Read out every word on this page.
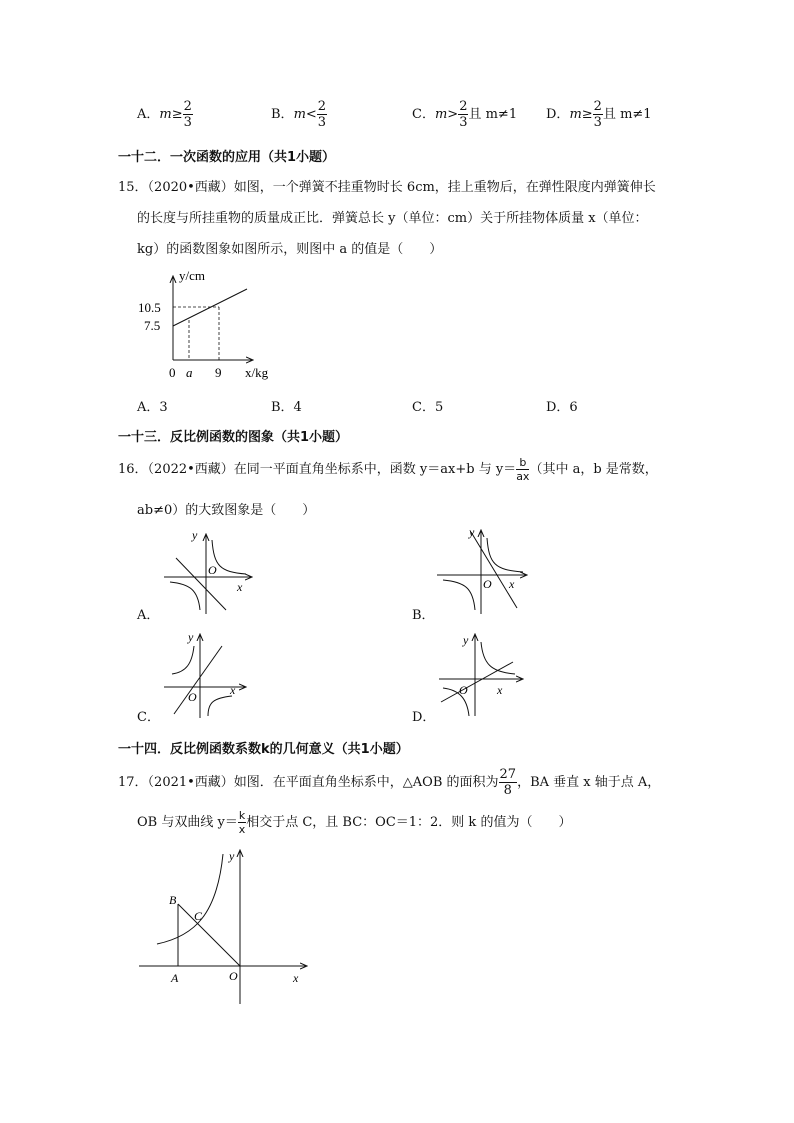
A．$m\ge \frac{2}{3}$	B．$m< \frac{2}{3}$	C．$m> \frac{2}{3}$ 且 m≠1 D．$m\ge \frac{2}{3}$ 且 m≠1
一十二．一次函数的应用（共1小题）
15．（2020•西藏）如图，一个弹簧不挂重物时长 6cm，挂上重物后，在弹性限度内弹簧伸长
的长度与所挂重物的质量成正比．弹簧总长 y（单位：cm）关于所挂物体质量 x（单位：
kg）的函数图象如图所示，则图中 a 的值是（　　）
y/cm
10.5
7.5
0 a 9 x/kg
A．3	B．4	C．5	D．6
一十三．反比例函数的图象（共1小题）
16．（2022•西藏）在同一平面直角坐标系中，函数 y＝ax+b 与 $y= \frac{b}{ax}$ （其中 a，b 是常数，
ab≠0）的大致图象是（　　）
y
O
x
A．
y
O x
B．
y
O	x
C．
y
O x
D．
一十四．反比例函数系数k的几何意义（共1小题）
17．（2021•西藏）如图．在平面直角坐标系中，△AOB 的面积为 $\frac{27}{8}$ ，BA 垂直 x 轴于点 A，
OB 与双曲线 $y= \frac{k}{x}$ 相交于点 C，且 BC：OC＝1：2．则 k 的值为（　　）
B
C
A	O	x
y
